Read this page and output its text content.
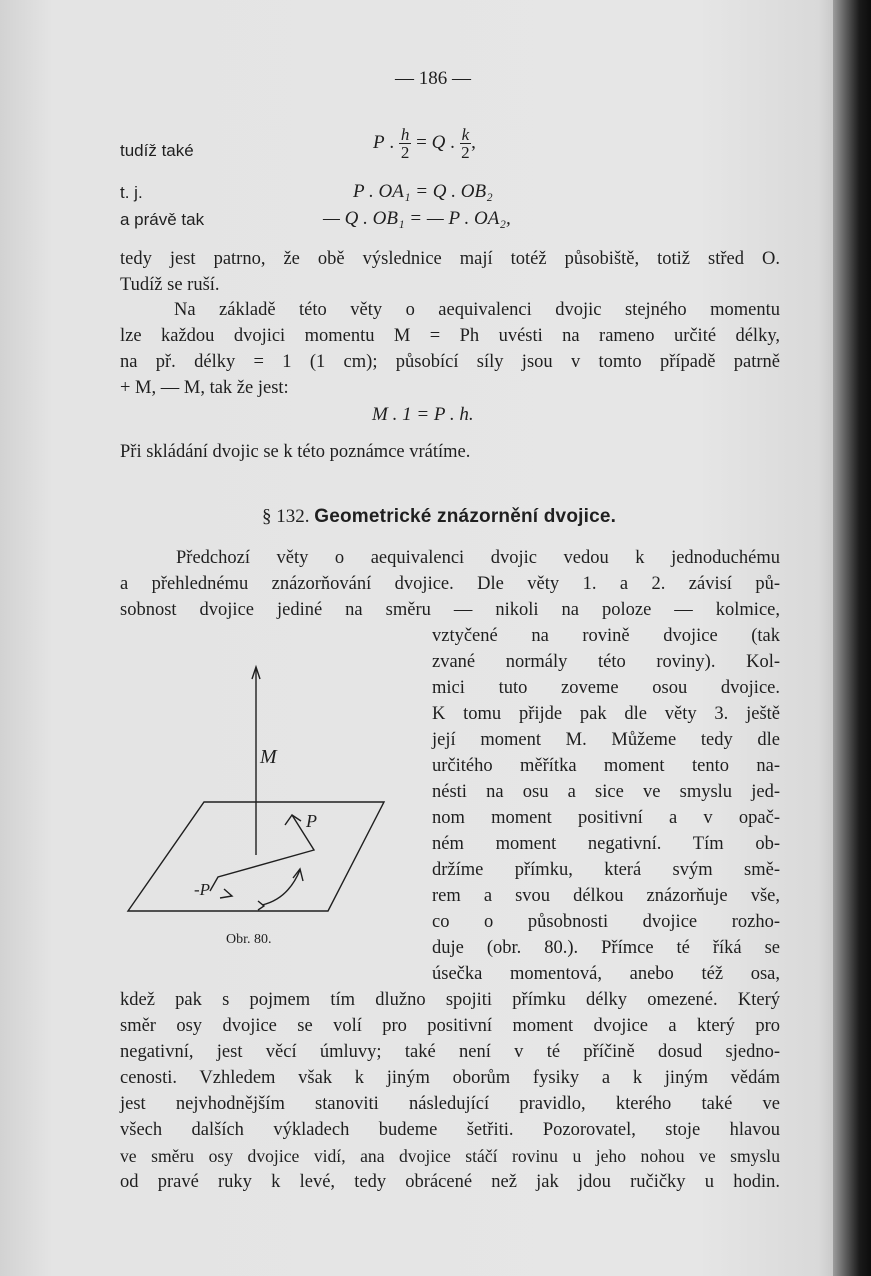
— 186 —
tudíž také	P . $\frac{h}{2} = Q$ . $\frac{k}{2}$ ,
t. j.	P . OA₁ = Q . OB₂
a právě tak	— Q . OB₁ = — P . OA₂,
tedy jest patrno, že obě výslednice mají totéž působiště, totiž střed O.
Tudíž se ruší.
Na základě této věty o aequivalenci dvojic stejného momentu
lze každou dvojici momentu M = Ph uvésti na rameno určité délky,
na př. délky = 1 (1 cm); působící síly jsou v tomto případě patrně
+ M, — M, tak že jest:
M . 1 = P . h.
Při skládání dvojic se k této poznámce vrátíme.
§ 132. Geometrické znázornění dvojice.
Předchozí věty o aequivalenci dvojic vedou k jednoduchému
a přehlednému znázorňování dvojice. Dle věty 1. a 2. závisí pů-
sobnost dvojice jediné na směru — nikoli na poloze — kolmice,
vztyčené na rovině dvojice (tak
zvané normály této roviny). Kol-
mici tuto zoveme osou dvojice.
K tomu přijde pak dle věty 3. ještě
její moment M. Můžeme tedy dle
určitého měřítka moment tento na-
nésti na osu a sice ve smyslu jed-
nom moment positivní a v opač-
ném moment negativní. Tím ob-
držíme přímku, která svým smě-
rem a svou délkou znázorňuje vše,
co o působnosti dvojice rozho-
duje (obr. 80.). Přímce té říká se
úsečka momentová, anebo též osa,
kdež pak s pojmem tím dlužno spojiti přímku délky omezené. Který
směr osy dvojice se volí pro positivní moment dvojice a který pro
negativní, jest věcí úmluvy; také není v té příčině dosud sjedno-
cenosti. Vzhledem však k jiným oborům fysiky a k jiným vědám
jest nejvhodnějším stanoviti následující pravidlo, kterého také ve
všech dalších výkladech budeme šetřiti. Pozorovatel, stoje hlavou
ve směru osy dvojice vidí, ana dvojice stáčí rovinu u jeho nohou ve smyslu
od pravé ruky k levé, tedy obrácené než jak jdou ručičky u hodin.
M
P
-P
Obr. 80.
